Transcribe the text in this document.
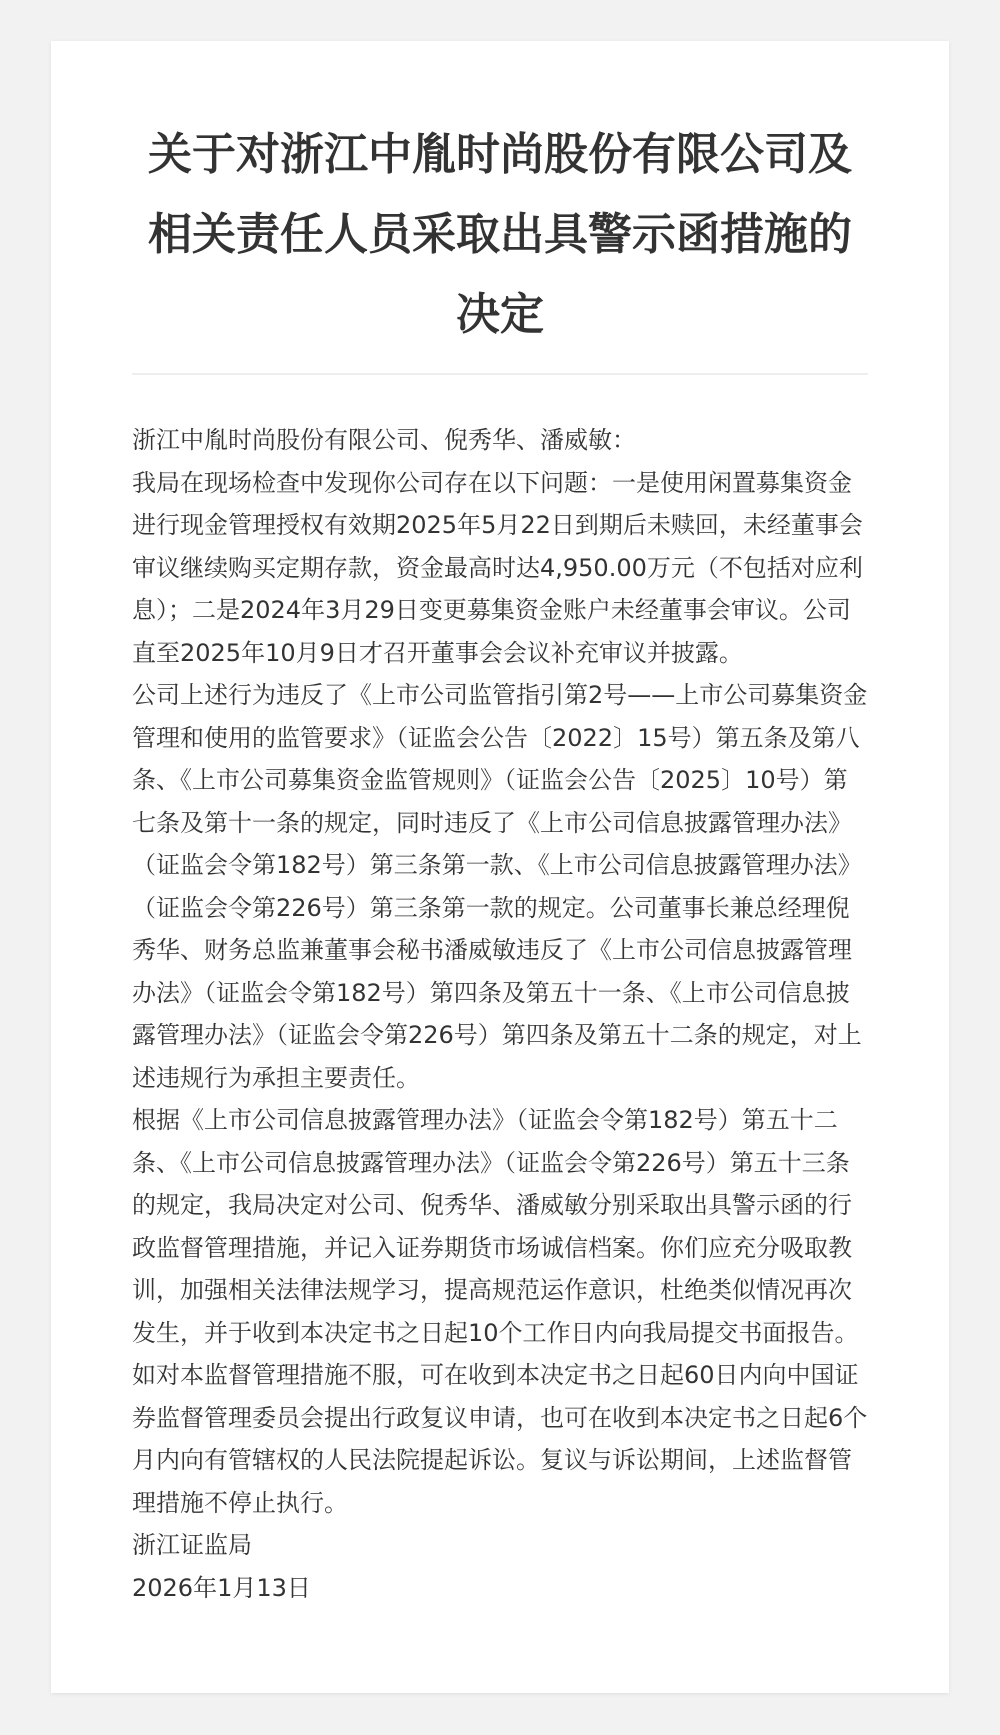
关于对浙江中胤时尚股份有限公司及相关责任人员采取出具警示函措施的决定

浙江中胤时尚股份有限公司、倪秀华、潘威敏：

我局在现场检查中发现你公司存在以下问题：一是使用闲置募集资金进行现金管理授权有效期2025年5月22日到期后未赎回，未经董事会审议继续购买定期存款，资金最高时达4,950.00万元（不包括对应利息）；二是2024年3月29日变更募集资金账户未经董事会审议。公司直至2025年10月9日才召开董事会会议补充审议并披露。

公司上述行为违反了《上市公司监管指引第2号——上市公司募集资金管理和使用的监管要求》（证监会公告〔2022〕15号）第五条及第八条、《上市公司募集资金监管规则》（证监会公告〔2025〕10号）第七条及第十一条的规定，同时违反了《上市公司信息披露管理办法》（证监会令第182号）第三条第一款、《上市公司信息披露管理办法》（证监会令第226号）第三条第一款的规定。公司董事长兼总经理倪秀华、财务总监兼董事会秘书潘威敏违反了《上市公司信息披露管理办法》（证监会令第182号）第四条及第五十一条、《上市公司信息披露管理办法》（证监会令第226号）第四条及第五十二条的规定，对上述违规行为承担主要责任。

根据《上市公司信息披露管理办法》（证监会令第182号）第五十二条、《上市公司信息披露管理办法》（证监会令第226号）第五十三条的规定，我局决定对公司、倪秀华、潘威敏分别采取出具警示函的行政监督管理措施，并记入证券期货市场诚信档案。你们应充分吸取教训，加强相关法律法规学习，提高规范运作意识，杜绝类似情况再次发生，并于收到本决定书之日起10个工作日内向我局提交书面报告。

如对本监督管理措施不服，可在收到本决定书之日起60日内向中国证券监督管理委员会提出行政复议申请，也可在收到本决定书之日起6个月内向有管辖权的人民法院提起诉讼。复议与诉讼期间，上述监督管理措施不停止执行。

浙江证监局

2026年1月13日
